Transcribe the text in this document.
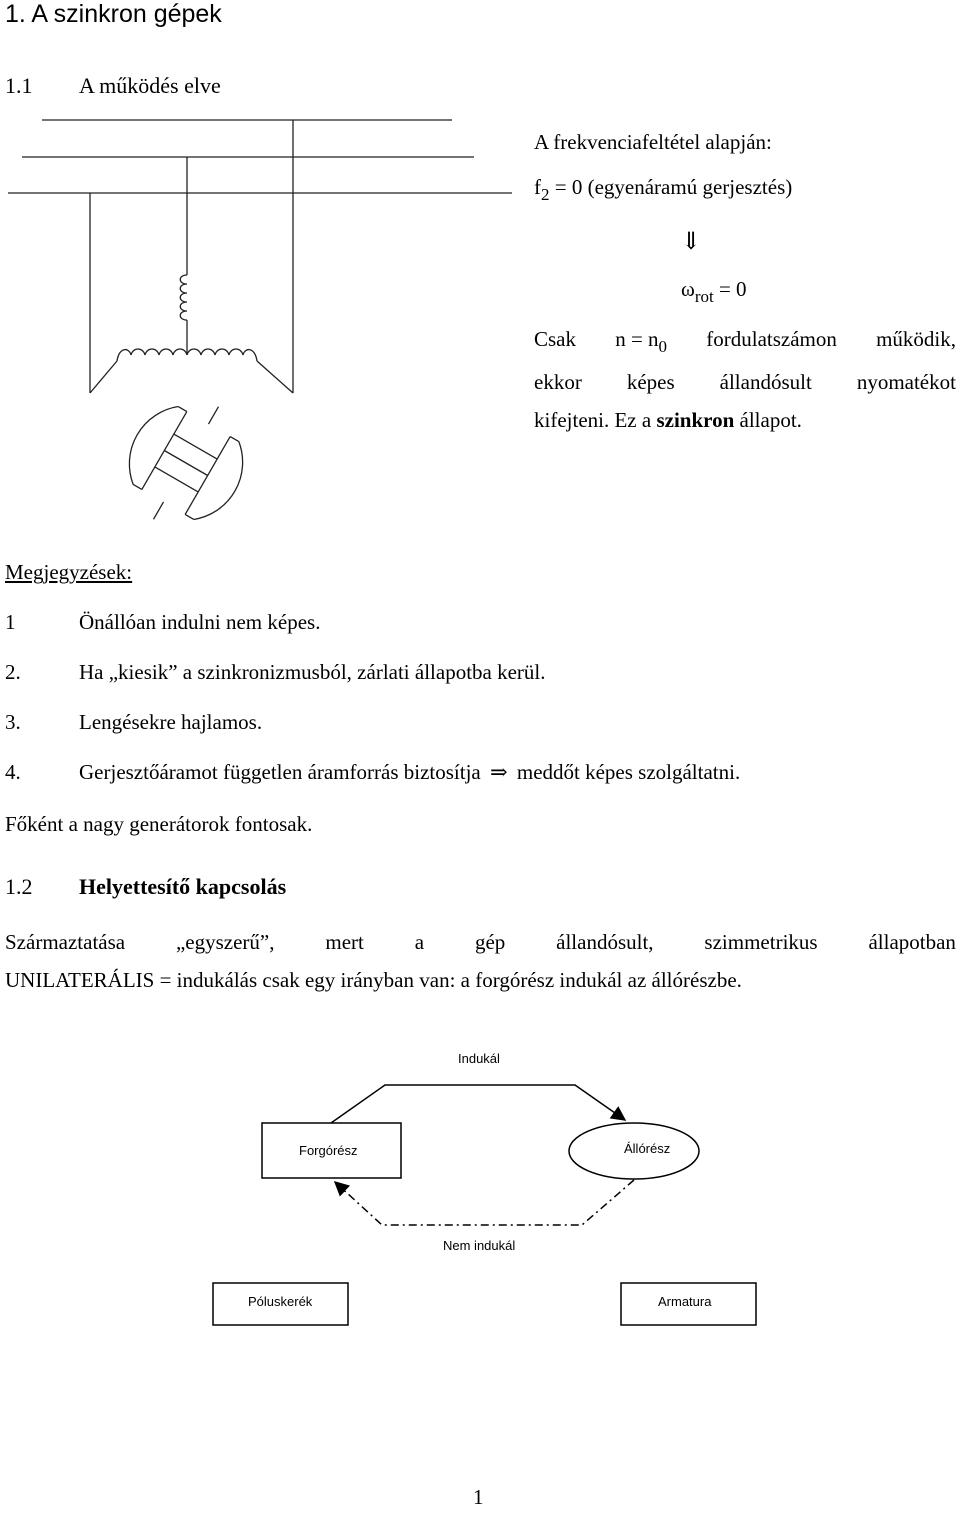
1. A szinkron gépek
1.1 A működés elve
A frekvenciafeltétel alapján:
$f_2 = 0$ (egyenáramú gerjesztés)
⇓
$\omega_{rot} = 0$
Csak $n = n_0$ fordulatszámon működik,
ekkor képes állandósult nyomatékot
kifejteni. Ez a szinkron állapot.
Megjegyzések:
1	Önállóan indulni nem képes.
2.	Ha „kiesik” a szinkronizmusból, zárlati állapotba kerül.
3.	Lengésekre hajlamos.
4.	Gerjesztőáramot független áramforrás biztosítja ⇒ meddőt képes szolgáltatni.
Főként a nagy generátorok fontosak.
1.2 Helyettesítő kapcsolás
Származtatása „egyszerű”, mert a gép állandósult, szimmetrikus állapotban
UNILATERÁLIS = indukálás csak egy irányban van: a forgórész indukál az állórészbe.
Indukál
Forgórész	Állórész
Nem indukál
Póluskerék	Armatura
1
